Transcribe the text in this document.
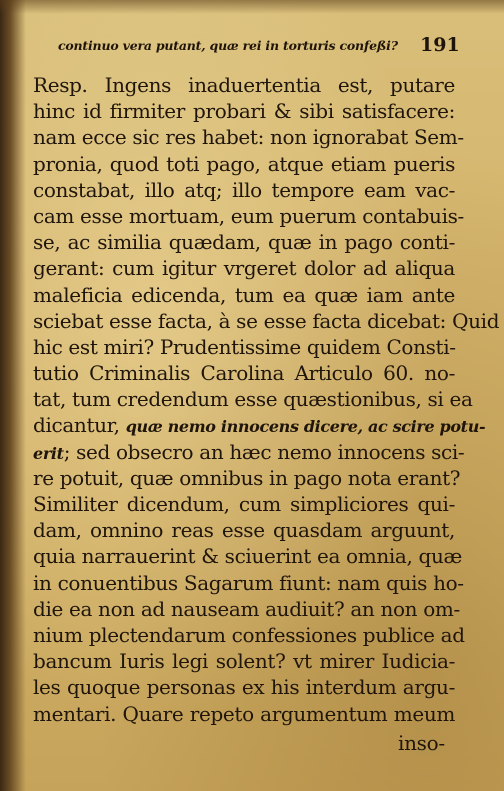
continuo vera putant, quæ rei in torturis confeßi?	191
Resp. Ingens inaduertentia est, putare
hinc id firmiter probari & sibi satisfacere:
nam ecce sic res habet: non ignorabat Sem-
pronia, quod toti pago, atque etiam pueris
constabat, illo atq; illo tempore eam vac-
cam esse mortuam, eum puerum contabuis-
se, ac similia quædam, quæ in pago conti-
gerant: cum igitur vrgeret dolor ad aliqua
maleficia edicenda, tum ea quæ iam ante
sciebat esse facta, à se esse facta dicebat: Quid
hic est miri? Prudentissime quidem Consti-
tutio Criminalis Carolina Articulo 60. no-
tat, tum credendum esse quæstionibus, si ea
dicantur, quæ nemo innocens dicere, ac scire potu-
erit; sed obsecro an hæc nemo innocens sci-
re potuit, quæ omnibus in pago nota erant?
Similiter dicendum, cum simpliciores qui-
dam, omnino reas esse quasdam arguunt,
quia narrauerint & sciuerint ea omnia, quæ
in conuentibus Sagarum fiunt: nam quis ho-
die ea non ad nauseam audiuit? an non om-
nium plectendarum confessiones publice ad
bancum Iuris legi solent? vt mirer Iudicia-
les quoque personas ex his interdum argu-
mentari. Quare repeto argumentum meum
inso-
